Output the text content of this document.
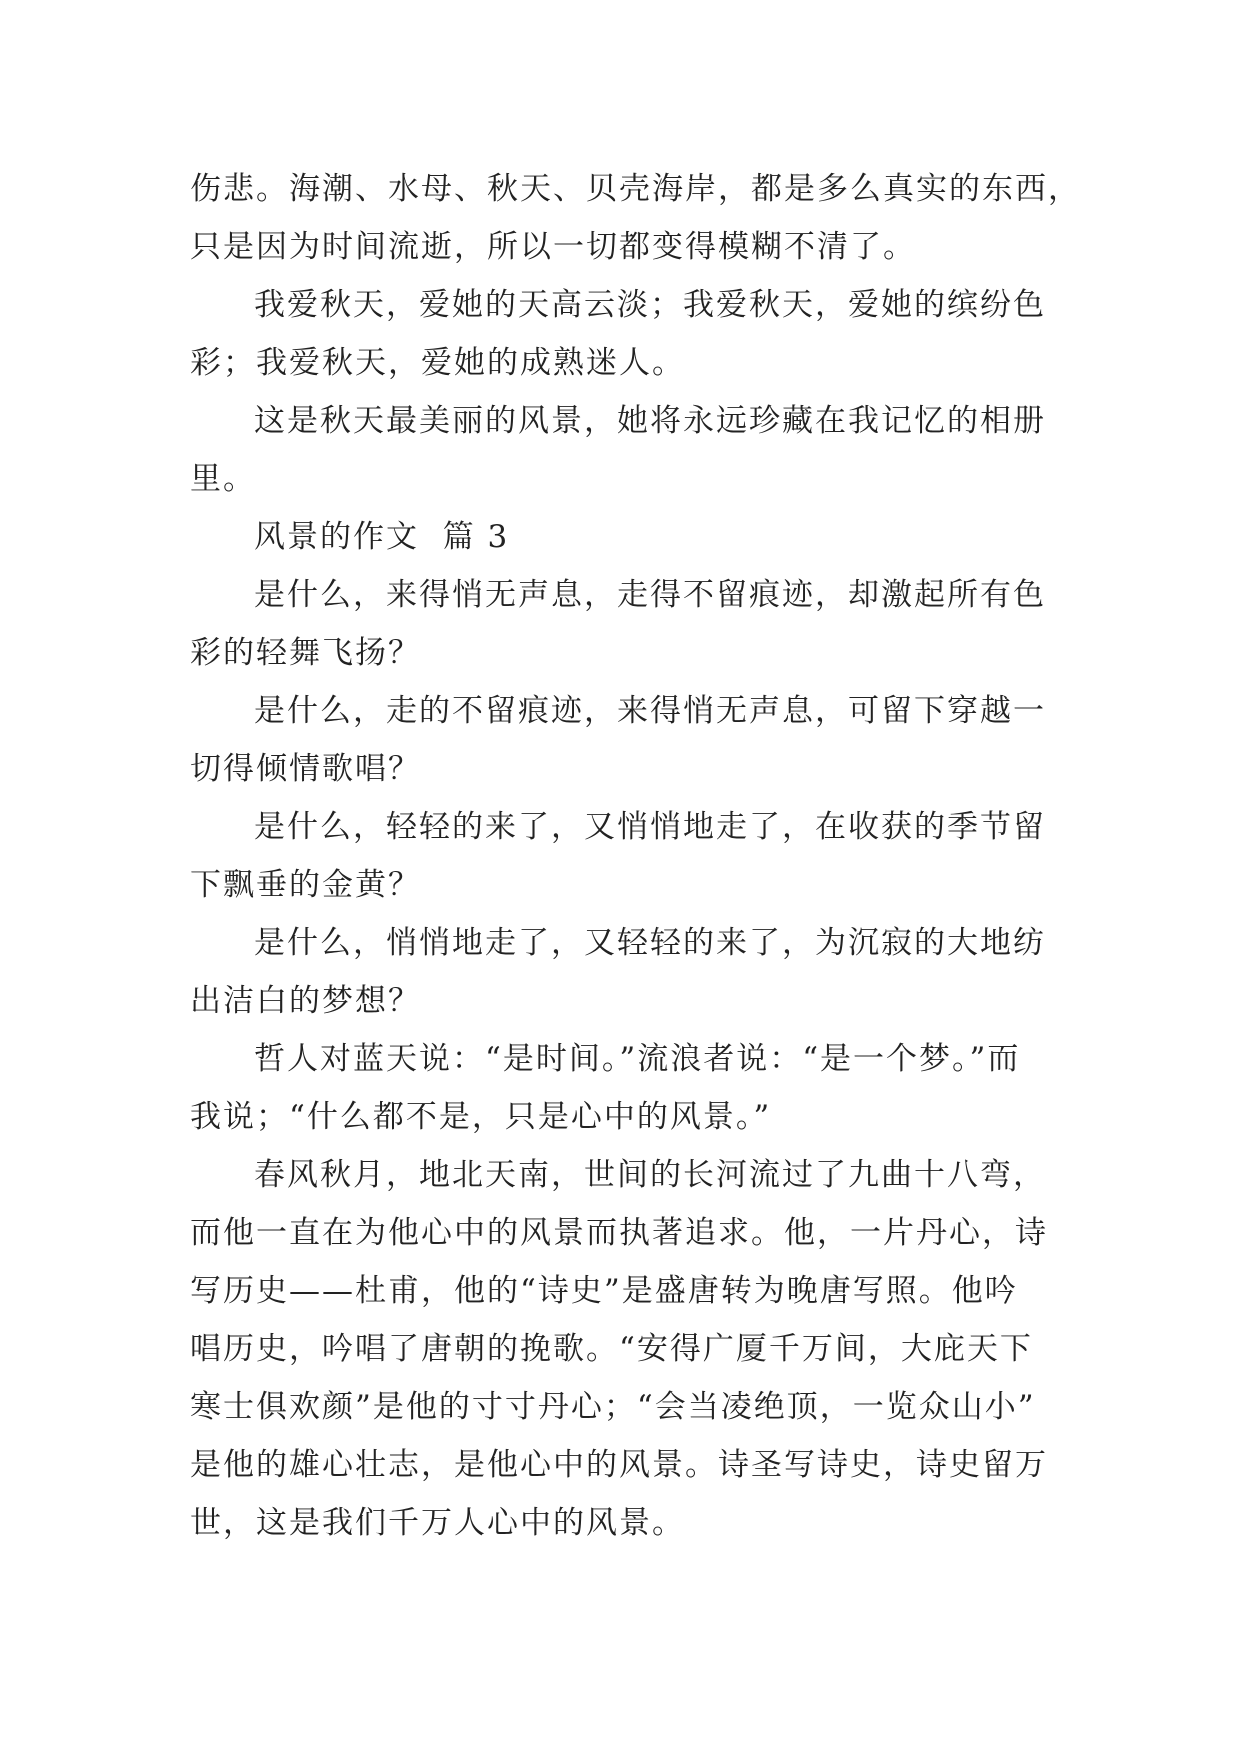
伤悲。海潮、水母、秋天、贝壳海岸，都是多么真实的东西，
只是因为时间流逝，所以一切都变得模糊不清了。
我爱秋天，爱她的天高云淡；我爱秋天，爱她的缤纷色
彩；我爱秋天，爱她的成熟迷人。
这是秋天最美丽的风景，她将永远珍藏在我记忆的相册
里。
风景的作文  篇 3
是什么，来得悄无声息，走得不留痕迹，却激起所有色
彩的轻舞飞扬？
是什么，走的不留痕迹，来得悄无声息，可留下穿越一
切得倾情歌唱？
是什么，轻轻的来了，又悄悄地走了，在收获的季节留
下飘垂的金黄？
是什么，悄悄地走了，又轻轻的来了，为沉寂的大地纺
出洁白的梦想？
哲人对蓝天说：“是时间。”流浪者说：“是一个梦。”而
我说；“什么都不是，只是心中的风景。”
春风秋月，地北天南，世间的长河流过了九曲十八弯，
而他一直在为他心中的风景而执著追求。他，一片丹心，诗
写历史——杜甫，他的“诗史”是盛唐转为晚唐写照。他吟
唱历史，吟唱了唐朝的挽歌。“安得广厦千万间，大庇天下
寒士俱欢颜”是他的寸寸丹心；“会当凌绝顶，一览众山小”
是他的雄心壮志，是他心中的风景。诗圣写诗史，诗史留万
世，这是我们千万人心中的风景。
